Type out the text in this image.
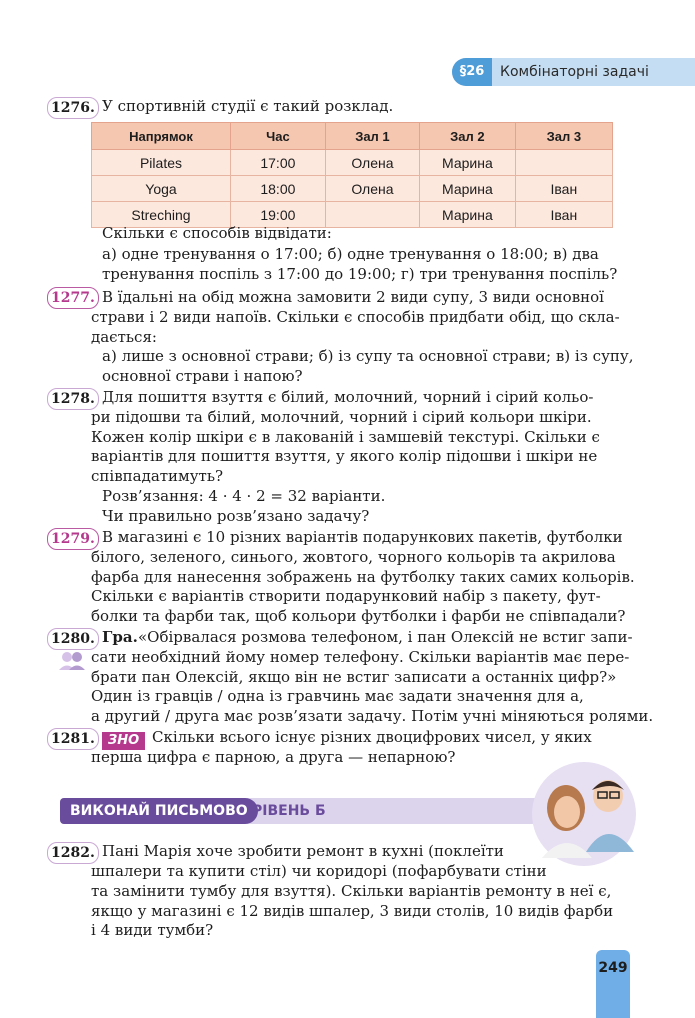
§26	Комбінаторні задачі
1276. У спортивній студії є такий розклад.

Напрямок	Час	Зал 1	Зал 2	Зал 3
Pilates	17:00	Олена	Марина	
Yoga	18:00	Олена	Марина	Іван
Streching	19:00		Марина	Іван

Скільки є способів відвідати:

а) одне тренування о 17:00; б) одне тренування о 18:00; в) два

тренування поспіль з 17:00 до 19:00; г) три тренування поспіль?

1277. В їдальні на обід можна замовити 2 види супу, 3 види основної

страви і 2 види напоїв. Скільки є способів придбати обід, що скла-

дається:

а) лише з основної страви; б) із супу та основної страви; в) із супу,

основної страви і напою?

1278. Для пошиття взуття є білий, молочний, чорний і сірий кольо-

ри підошви та білий, молочний, чорний і сірий кольори шкіри.

Кожен колір шкіри є в лакованій і замшевій текстурі. Скільки є

варіантів для пошиття взуття, у якого колір підошви і шкіри не

співпадатимуть?

Розв’язання: 4 · 4 · 2 = 32 варіанти.

Чи правильно розв’язано задачу?

1279. В магазині є 10 різних варіантів подарункових пакетів, футболки

білого, зеленого, синього, жовтого, чорного кольорів та акрилова

фарба для нанесення зображень на футболку таких самих кольорів.

Скільки є варіантів створити подарунковий набір з пакету, фут-

болки та фарби так, щоб кольори футболки і фарби не співпадали?

1280. Гра. «Обірвалася розмова телефоном, і пан Олексій не встиг запи-

сати необхідний йому номер телефону. Скільки варіантів має пере-

брати пан Олексій, якщо він не встиг записати a останніх цифр?»

Один із гравців / одна із гравчинь має задати значення для a,

а другий / друга має розв’язати задачу. Потім учні міняються ролями.

1281.	ЗНО Скільки всього існує різних двоцифрових чисел, у яких

перша цифра є парною, а друга — непарною?

ВИКОНАЙ ПИСЬМОВО РІВЕНЬ Б
1282. Пані Марія хоче зробити ремонт в кухні (поклеїти

шпалери та купити стіл) чи коридорі (пофарбувати стіни

та замінити тумбу для взуття). Скільки варіантів ремонту в неї є,

якщо у магазині є 12 видів шпалер, 3 види столів, 10 видів фарби

і 4 види тумби?

249
